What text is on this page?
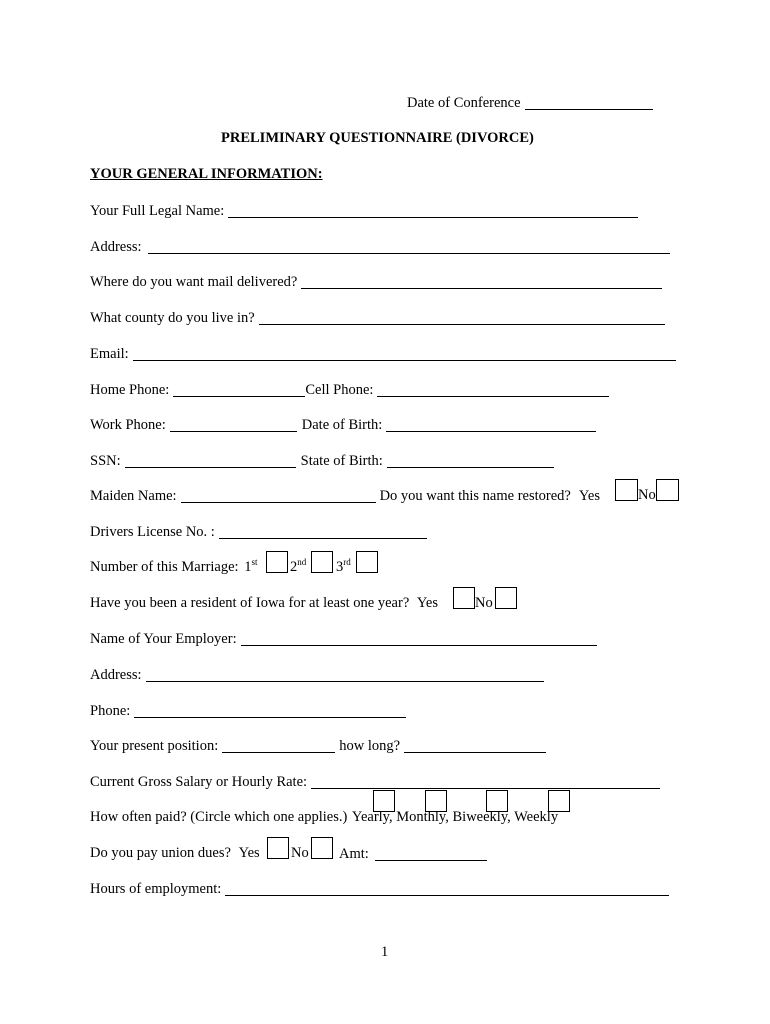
Date of Conference
PRELIMINARY QUESTIONNAIRE (DIVORCE)
YOUR GENERAL INFORMATION:
Your Full Legal Name:
Address:
Where do you want mail delivered?
What county do you live in?
Email:
Home Phone:	Cell Phone:
Work Phone:	Date of Birth:
SSN:	State of Birth:
Maiden Name:	Do you want this name restored? Yes	No
Drivers License No. :
Number of this Marriage: 1st 2nd 3rd
Have you been a resident of Iowa for at least one year? Yes	No
Name of Your Employer:
Address:
Phone:
Your present position:	how long?
Current Gross Salary or Hourly Rate:
How often paid? (Circle which one applies.) Yearly, Monthly, Biweekly, Weekly
Do you pay union dues? Yes No Amt:
Hours of employment:
1
